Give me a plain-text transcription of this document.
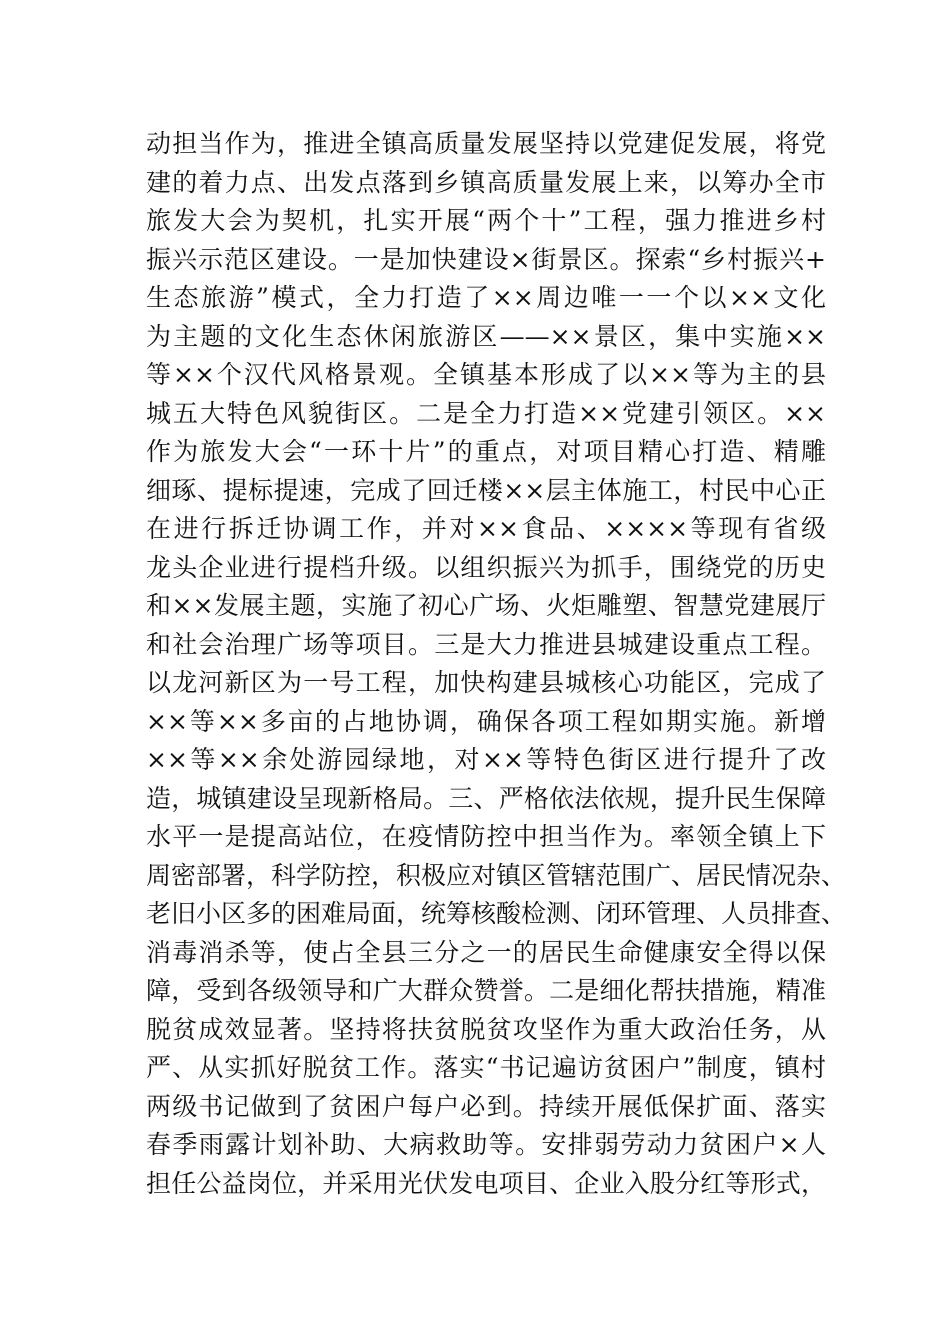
动担当作为，推进全镇高质量发展坚持以党建促发展，将党
建的着力点、出发点落到乡镇高质量发展上来，以筹办全市
旅发大会为契机，扎实开展“两个十”工程，强力推进乡村
振兴示范区建设。一是加快建设×街景区。探索“乡村振兴+
生态旅游”模式，全力打造了××周边唯一一个以××文化
为主题的文化生态休闲旅游区——××景区，集中实施××
等××个汉代风格景观。全镇基本形成了以××等为主的县
城五大特色风貌街区。二是全力打造××党建引领区。××
作为旅发大会“一环十片”的重点，对项目精心打造、精雕
细琢、提标提速，完成了回迁楼××层主体施工，村民中心正
在进行拆迁协调工作，并对××食品、××××等现有省级
龙头企业进行提档升级。以组织振兴为抓手，围绕党的历史
和××发展主题，实施了初心广场、火炬雕塑、智慧党建展厅
和社会治理广场等项目。三是大力推进县城建设重点工程。
以龙河新区为一号工程，加快构建县城核心功能区，完成了
××等××多亩的占地协调，确保各项工程如期实施。新增
××等××余处游园绿地，对××等特色街区进行提升了改
造，城镇建设呈现新格局。三、严格依法依规，提升民生保障
水平一是提高站位，在疫情防控中担当作为。率领全镇上下
周密部署，科学防控，积极应对镇区管辖范围广、居民情况杂、
老旧小区多的困难局面，统筹核酸检测、闭环管理、人员排查、
消毒消杀等，使占全县三分之一的居民生命健康安全得以保
障，受到各级领导和广大群众赞誉。二是细化帮扶措施，精准
脱贫成效显著。坚持将扶贫脱贫攻坚作为重大政治任务，从
严、从实抓好脱贫工作。落实“书记遍访贫困户”制度，镇村
两级书记做到了贫困户每户必到。持续开展低保扩面、落实
春季雨露计划补助、大病救助等。安排弱劳动力贫困户×人
担任公益岗位，并采用光伏发电项目、企业入股分红等形式，
